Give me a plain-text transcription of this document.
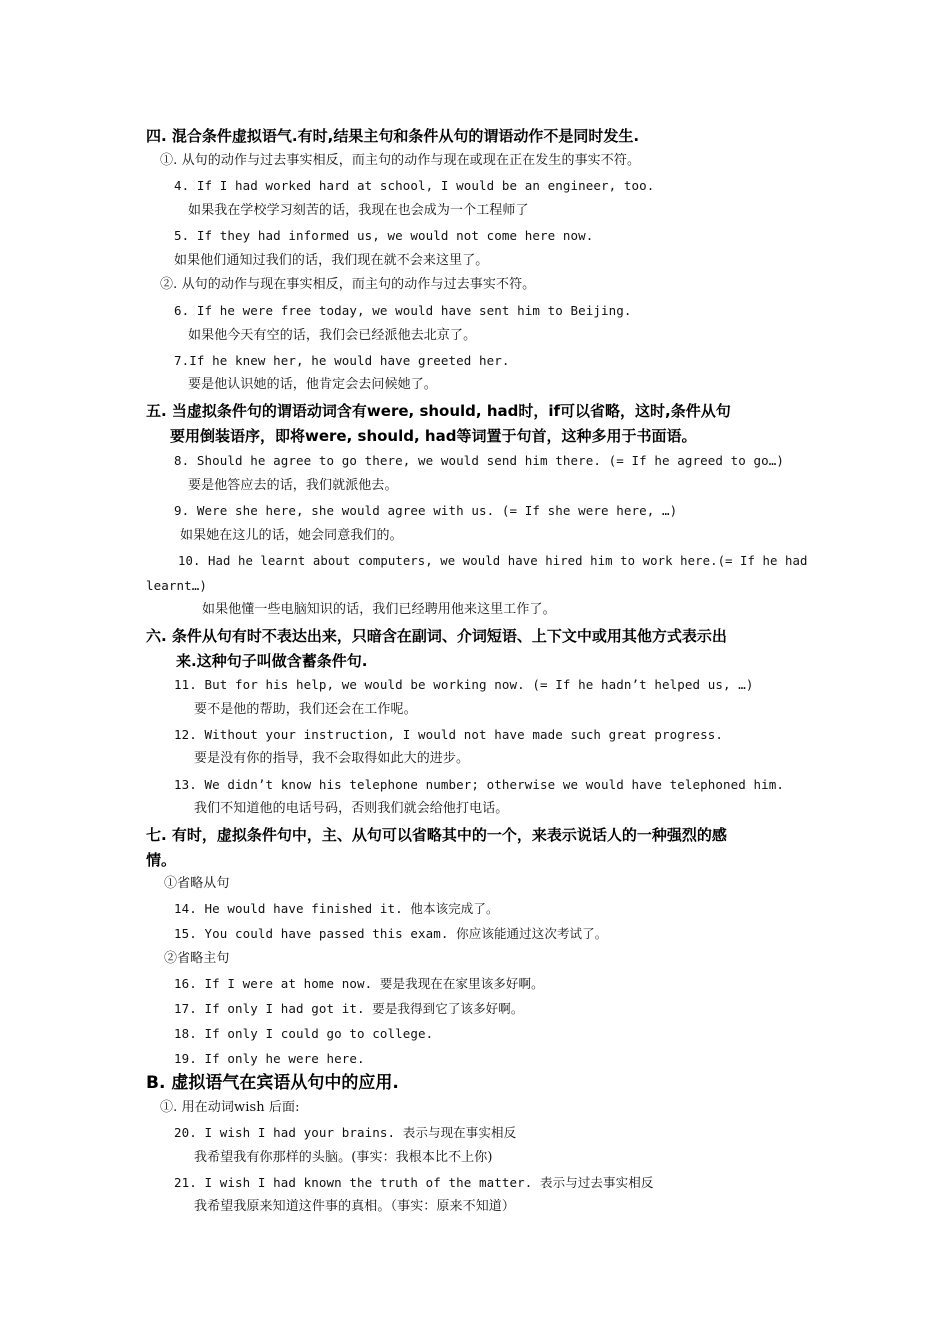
四. 混合条件虚拟语气.有时,结果主句和条件从句的谓语动作不是同时发生.
①. 从句的动作与过去事实相反，而主句的动作与现在或现在正在发生的事实不符。
4. If I had worked hard at school, I would be an engineer, too.
如果我在学校学习刻苦的话，我现在也会成为一个工程师了
5. If they had informed us, we would not come here now.
如果他们通知过我们的话，我们现在就不会来这里了。
②. 从句的动作与现在事实相反，而主句的动作与过去事实不符。
6. If he were free today, we would have sent him to Beijing.
如果他今天有空的话，我们会已经派他去北京了。
7.If he knew her, he would have greeted her.
要是他认识她的话，他肯定会去问候她了。
五. 当虚拟条件句的谓语动词含有were, should, had时，if可以省略，这时,条件从句
要用倒装语序，即将were, should, had等词置于句首，这种多用于书面语。
8. Should he agree to go there, we would send him there. (= If he agreed to go…)
要是他答应去的话，我们就派他去。
9. Were she here, she would agree with us. (= If she were here, …)
如果她在这儿的话，她会同意我们的。
10. Had he learnt about computers, we would have hired him to work here.(= If he had
learnt…)
如果他懂一些电脑知识的话，我们已经聘用他来这里工作了。
六. 条件从句有时不表达出来，只暗含在副词、介词短语、上下文中或用其他方式表示出
来.这种句子叫做含蓄条件句.
11. But for his help, we would be working now. (= If he hadn’t helped us, …)
要不是他的帮助，我们还会在工作呢。
12. Without your instruction, I would not have made such great progress.
要是没有你的指导，我不会取得如此大的进步。
13. We didn’t know his telephone number; otherwise we would have telephoned him.
我们不知道他的电话号码，否则我们就会给他打电话。
七. 有时，虚拟条件句中，主、从句可以省略其中的一个，来表示说话人的一种强烈的感
情。
①省略从句
14. He would have finished it. 他本该完成了。
15. You could have passed this exam. 你应该能通过这次考试了。
②省略主句
16. If I were at home now. 要是我现在在家里该多好啊。
17. If only I had got it. 要是我得到它了该多好啊。
18. If only I could go to college.
19. If only he were here.
B. 虚拟语气在宾语从句中的应用.
①. 用在动词wish 后面:
20. I wish I had your brains. 表示与现在事实相反
我希望我有你那样的头脑。(事实：我根本比不上你)
21. I wish I had known the truth of the matter. 表示与过去事实相反
我希望我原来知道这件事的真相。（事实：原来不知道）
